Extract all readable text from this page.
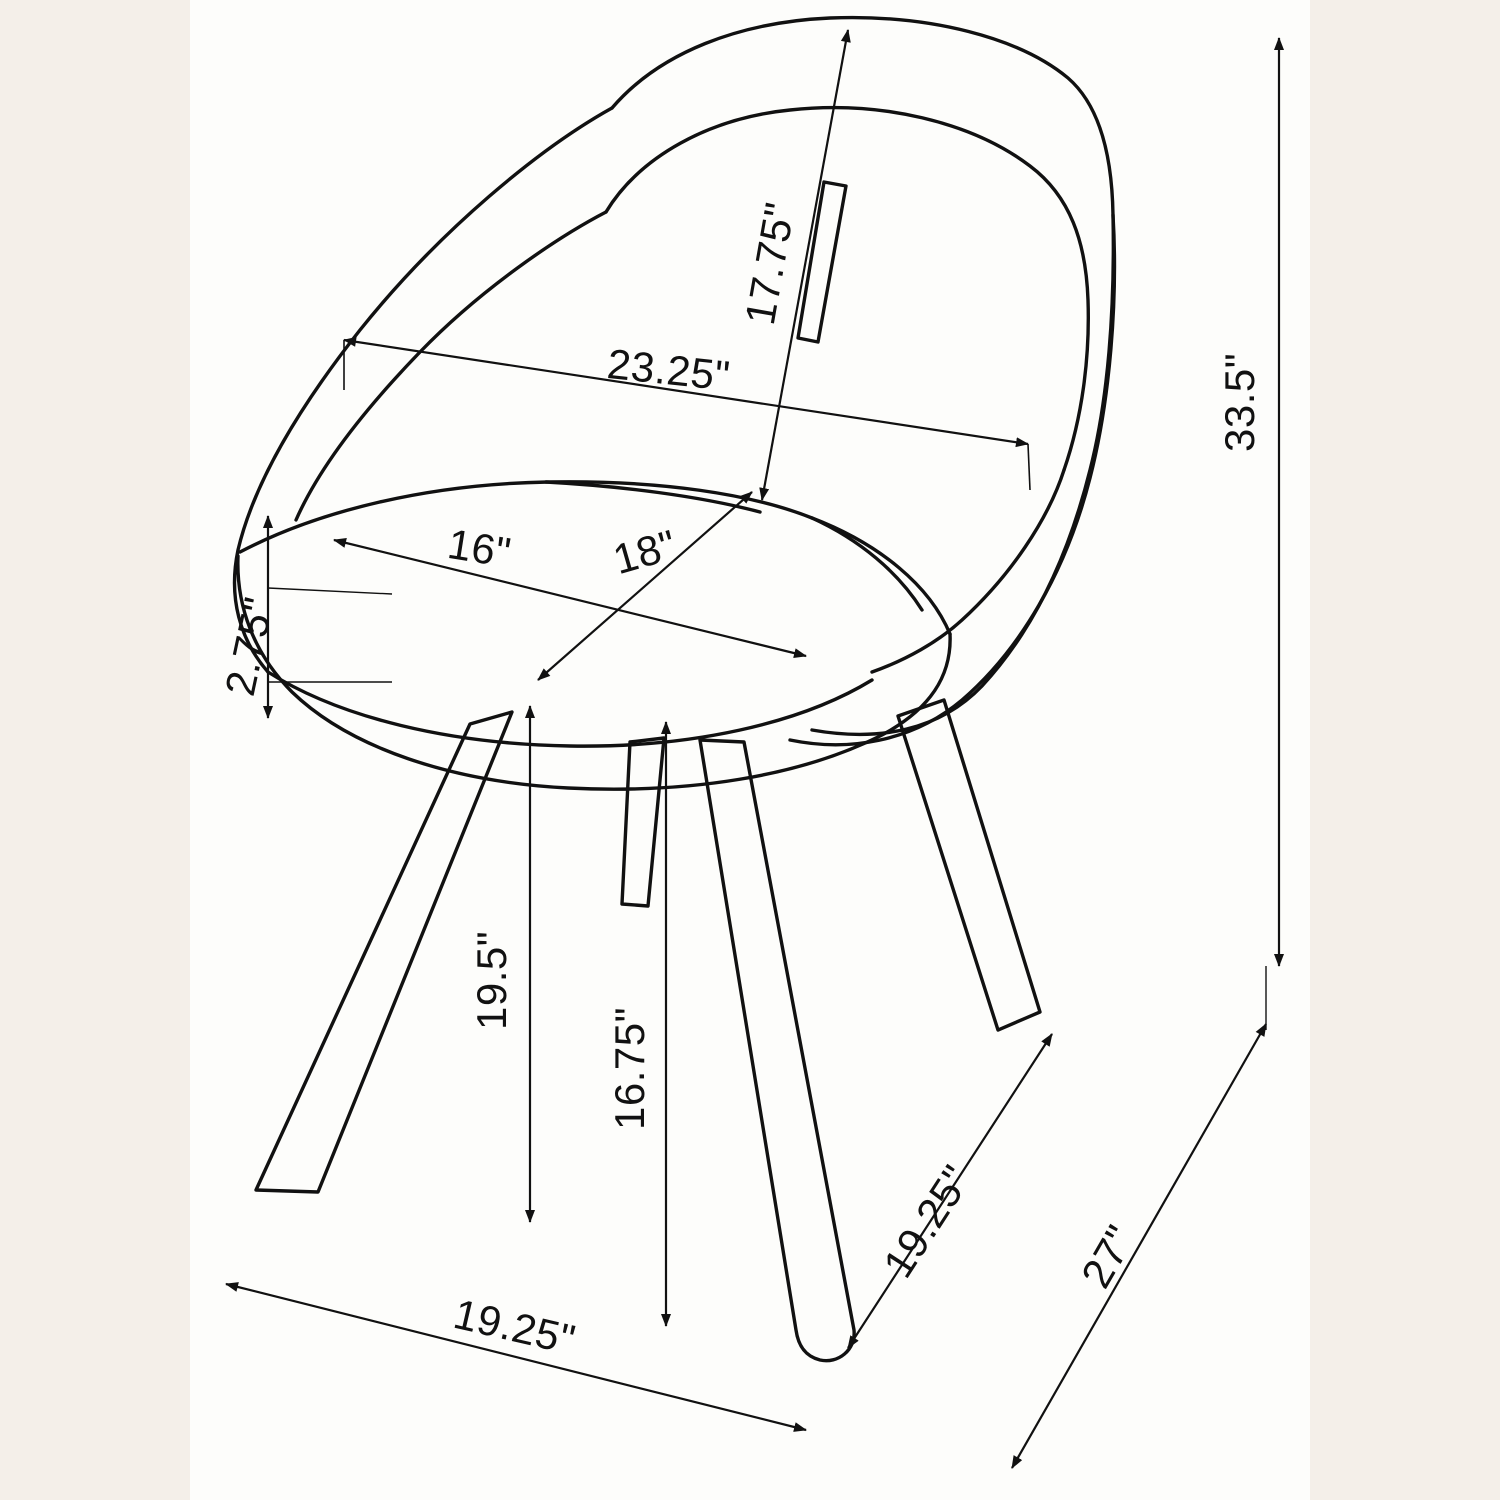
33.5"
17.75"
23.25"
16" 18"
2.75"
19.5"
16.75"
19.25"
19.25" 27"
